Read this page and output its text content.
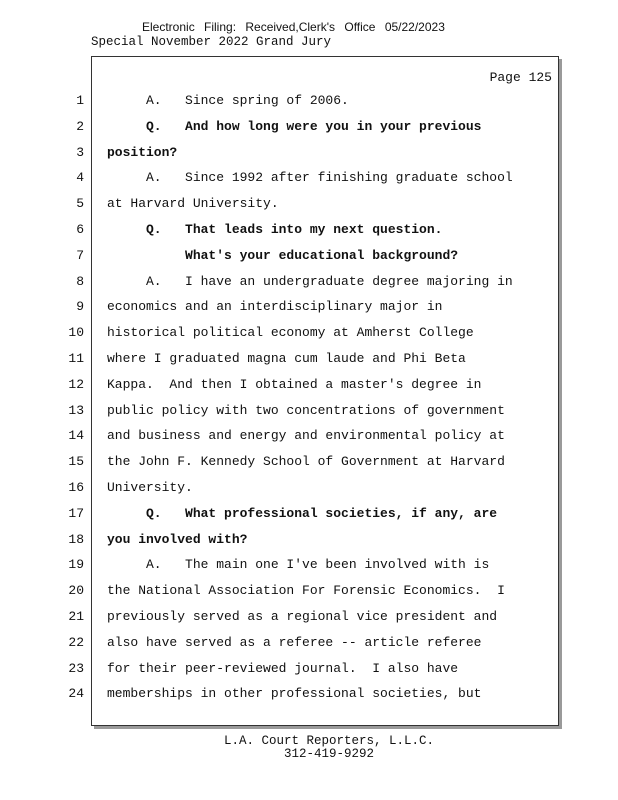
Electronic Filing: Received,Clerk's Office 05/22/2023
Special November 2022 Grand Jury
Page 125
1
2
3
4
5
6
7
8
9
10
11
12
13
14
15
16
17
18
19
20
21
22
23
24
A.   Since spring of 2006.
Q.   And how long were you in your previous
position?
A.   Since 1992 after finishing graduate school
at Harvard University.
Q.   That leads into my next question.
What's your educational background?
A.   I have an undergraduate degree majoring in
economics and an interdisciplinary major in
historical political economy at Amherst College
where I graduated magna cum laude and Phi Beta
Kappa.  And then I obtained a master's degree in
public policy with two concentrations of government
and business and energy and environmental policy at
the John F. Kennedy School of Government at Harvard
University.
Q.   What professional societies, if any, are
you involved with?
A.   The main one I've been involved with is
the National Association For Forensic Economics.  I
previously served as a regional vice president and
also have served as a referee -- article referee
for their peer-reviewed journal.  I also have
memberships in other professional societies, but
L.A. Court Reporters, L.L.C.
312-419-9292
